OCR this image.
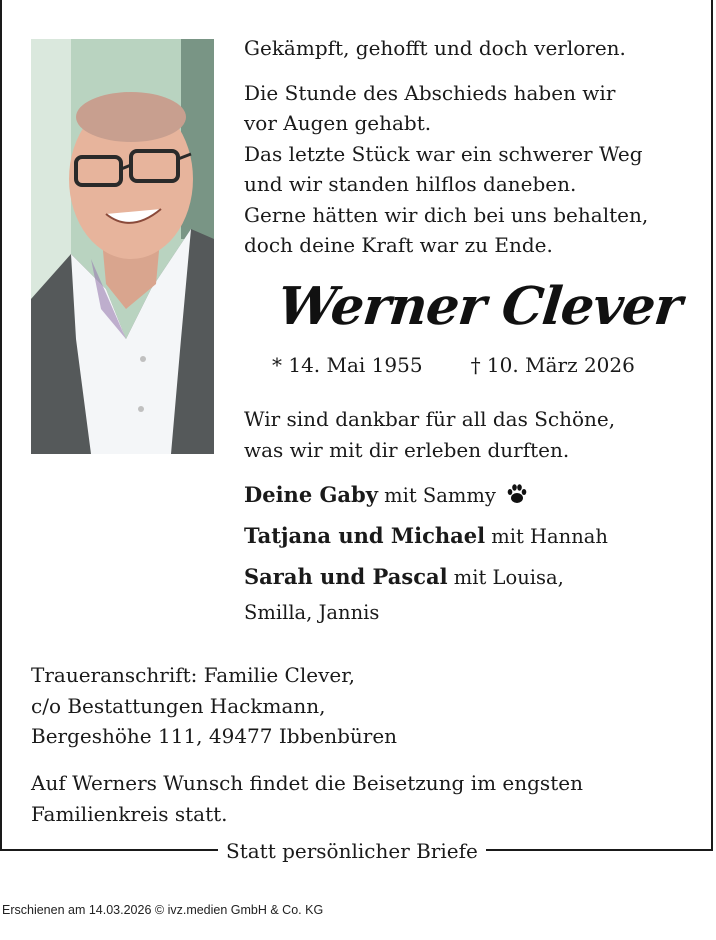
Gekämpft, gehofft und doch verloren.
Die Stunde des Abschieds haben wir
vor Augen gehabt.
Das letzte Stück war ein schwerer Weg
und wir standen hilflos daneben.
Gerne hätten wir dich bei uns behalten,
doch deine Kraft war zu Ende.
Werner Clever
* 14. Mai 1955 † 10. März 2026
Wir sind dankbar für all das Schöne,
was wir mit dir erleben durften.
Deine Gaby mit Sammy
Tatjana und Michael mit Hannah
Sarah und Pascal mit Louisa,
Smilla, Jannis
Traueranschrift: Familie Clever,
c/o Bestattungen Hackmann,
Bergeshöhe 111, 49477 Ibbenbüren
Auf Werners Wunsch findet die Beisetzung im engsten
Familienkreis statt.
Statt persönlicher Briefe
Erschienen am 14.03.2026 © ivz.medien GmbH & Co. KG
